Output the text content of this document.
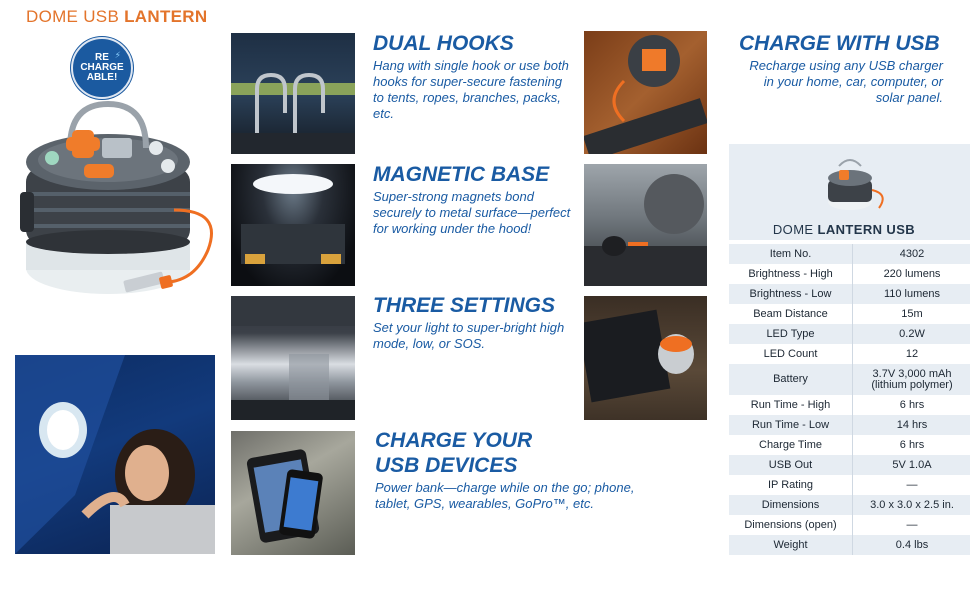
DOME USB LANTERN
⚡
RE
CHARGE
ABLE!

DUAL HOOKS

Hang with single hook or use both hooks for super-secure fastening to tents, ropes, branches, packs, etc.

MAGNETIC BASE

Super-strong magnets bond securely to metal surface—perfect for working under the hood!

THREE SETTINGS

Set your light to super-bright high mode, low, or SOS.

CHARGE YOUR

USB DEVICES

Power bank—charge while on the go; phone, tablet, GPS, wearables, GoPro™, etc.

CHARGE WITH USB

Recharge using any USB charger in your home, car, computer, or solar panel.

DOME LANTERN USB
Item No.	4302
Brightness - High	220 lumens
Brightness - Low	110 lumens
Beam Distance	15m
LED Type	0.2W
LED Count	12
Battery	3.7V 3,000 mAh
(lithium polymer)
Run Time - High	6 hrs
Run Time - Low	14 hrs
Charge Time	6 hrs
USB Out	5V 1.0A
IP Rating	—
Dimensions	3.0 x 3.0 x 2.5 in.
Dimensions (open)	—
Weight	0.4 lbs
